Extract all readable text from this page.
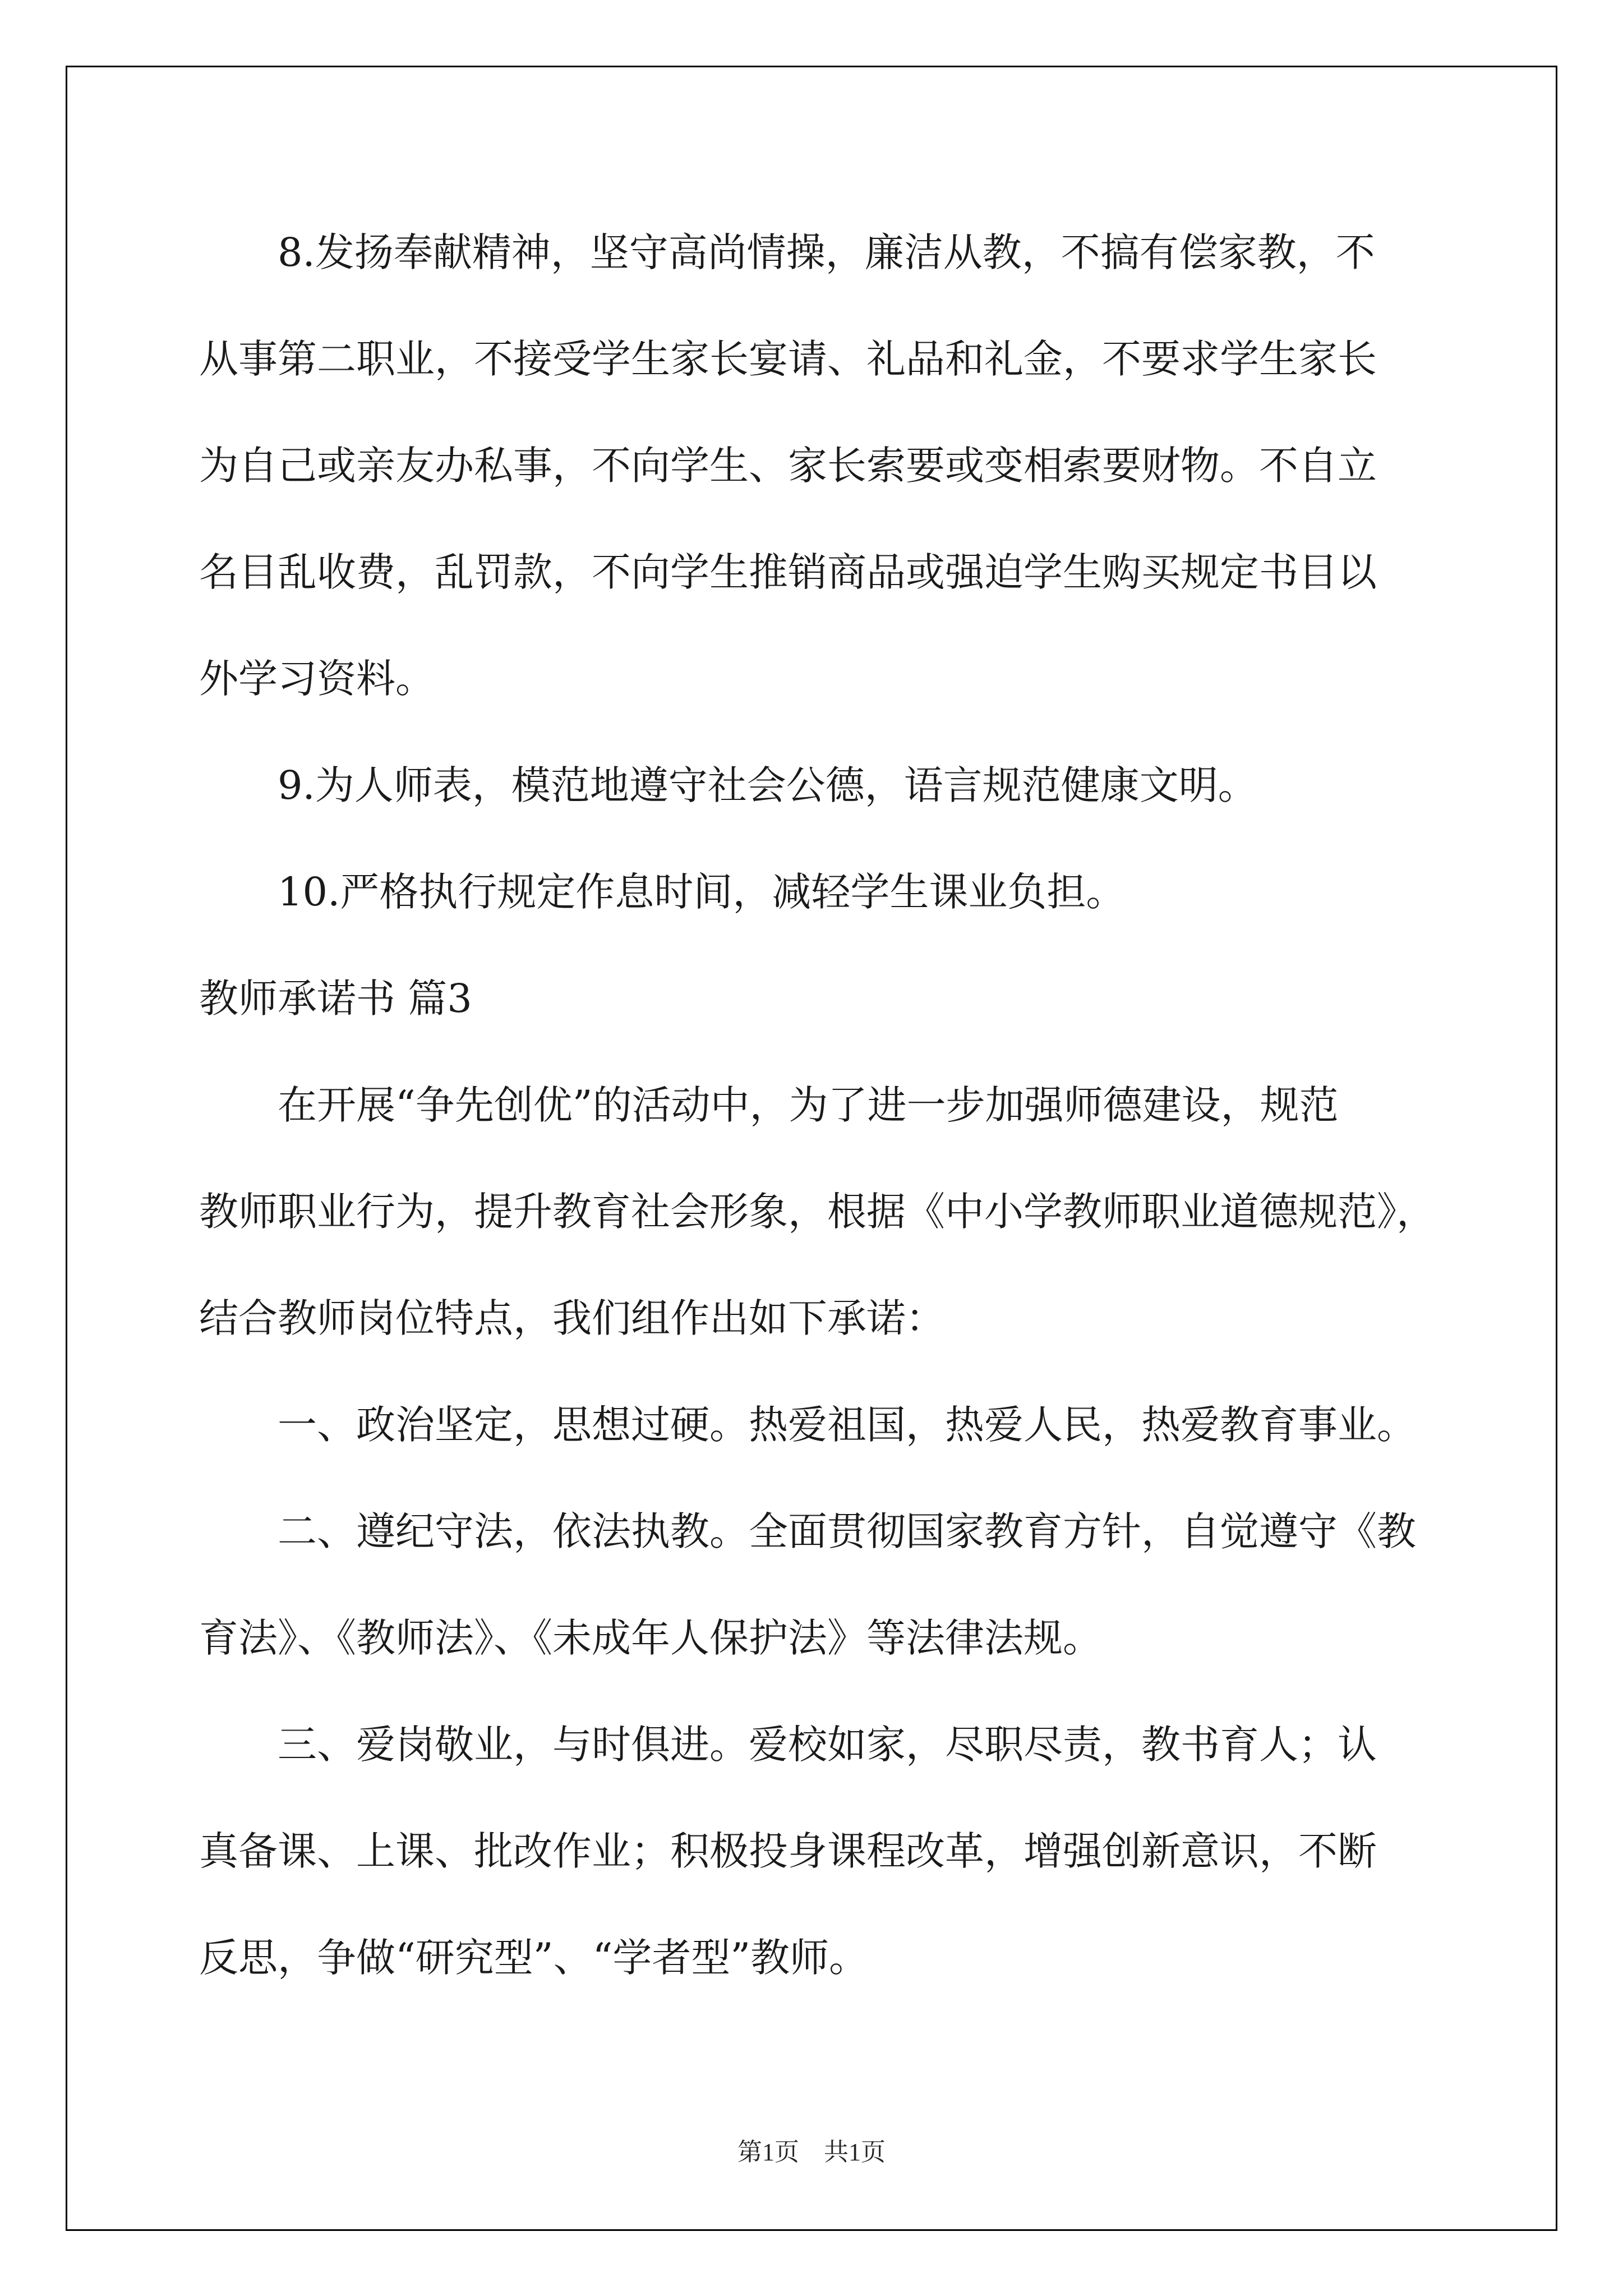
8.发扬奉献精神，坚守高尚情操，廉洁从教，不搞有偿家教，不
从事第二职业，不接受学生家长宴请、礼品和礼金，不要求学生家长
为自己或亲友办私事，不向学生、家长索要或变相索要财物。不自立
名目乱收费，乱罚款，不向学生推销商品或强迫学生购买规定书目以
外学习资料。
9.为人师表，模范地遵守社会公德，语言规范健康文明。
10.严格执行规定作息时间，减轻学生课业负担。
教师承诺书 篇3
在开展“争先创优”的活动中，为了进一步加强师德建设，规范
教师职业行为，提升教育社会形象，根据《中小学教师职业道德规范》，
结合教师岗位特点，我们组作出如下承诺：
一、政治坚定，思想过硬。热爱祖国，热爱人民，热爱教育事业。
二、遵纪守法，依法执教。全面贯彻国家教育方针，自觉遵守《教
育法》、《教师法》、《未成年人保护法》等法律法规。
三、爱岗敬业，与时俱进。爱校如家，尽职尽责，教书育人；认
真备课、上课、批改作业；积极投身课程改革，增强创新意识，不断
反思，争做“研究型”、“学者型”教师。
第1页　共1页
